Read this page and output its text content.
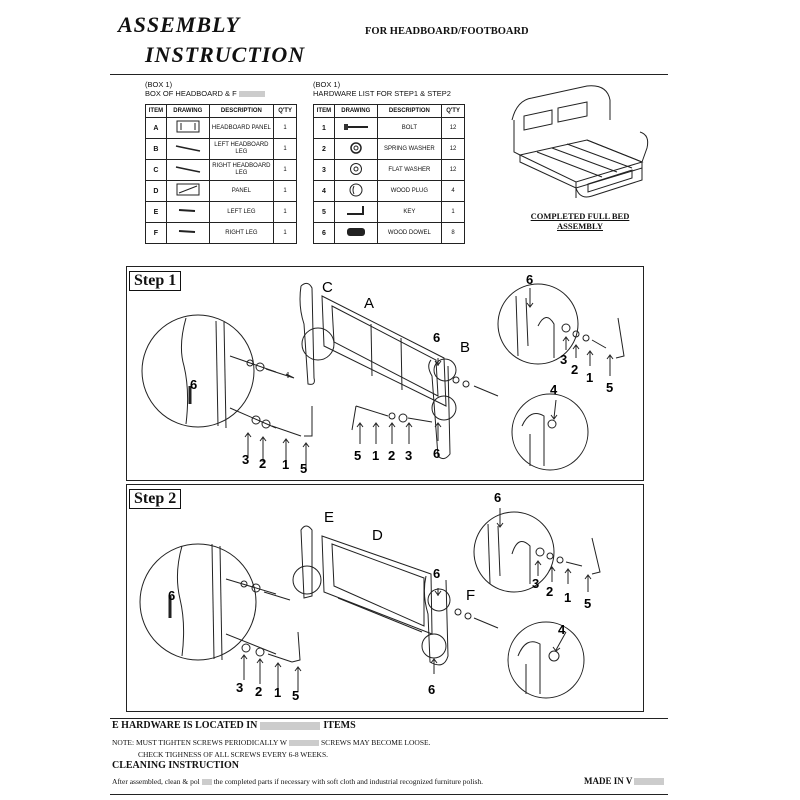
ASSEMBLY
INSTRUCTION
FOR HEADBOARD/FOOTBOARD
(BOX 1)
BOX OF HEADBOARD & F
ITEM	DRAWING	DESCRIPTION	Q'TY
A		HEADBOARD PANEL	1
B		LEFT HEADBOARD LEG	1
C		RIGHT HEADBOARD LEG	1
D		PANEL	1
E		LEFT LEG	1
F		RIGHT LEG	1
(BOX 1)
HARDWARE LIST FOR STEP1 & STEP2
ITEM	DRAWING	DESCRIPTION	Q'TY
1		BOLT	12
2		SPRING WASHER	12
3		FLAT WASHER	12
4		WOOD PLUG	4
5		KEY	1
6		WOOD DOWEL	8
COMPLETED FULL BED
ASSEMBLY
Step 1
6
3 2 1 5
5 1 2 3
6
6
6
3
2
1
5
4
A
B
C
Step 2
6
3 2 1 5
6
6
6
3
2 1 5
4
D
E
F
E HARDWARE IS LOCATED IN	ITEMS
NOTE: MUST TIGHTEN SCREWS PERIODICALLY W	SCREWS MAY BECOME LOOSE.
CHECK TIGHNESS OF ALL SCREWS EVERY 6-8 WEEKS.
CLEANING INSTRUCTION
After assembled, clean & pol the completed parts if necessary with soft cloth and industrial recognized furniture polish.	MADE IN V
